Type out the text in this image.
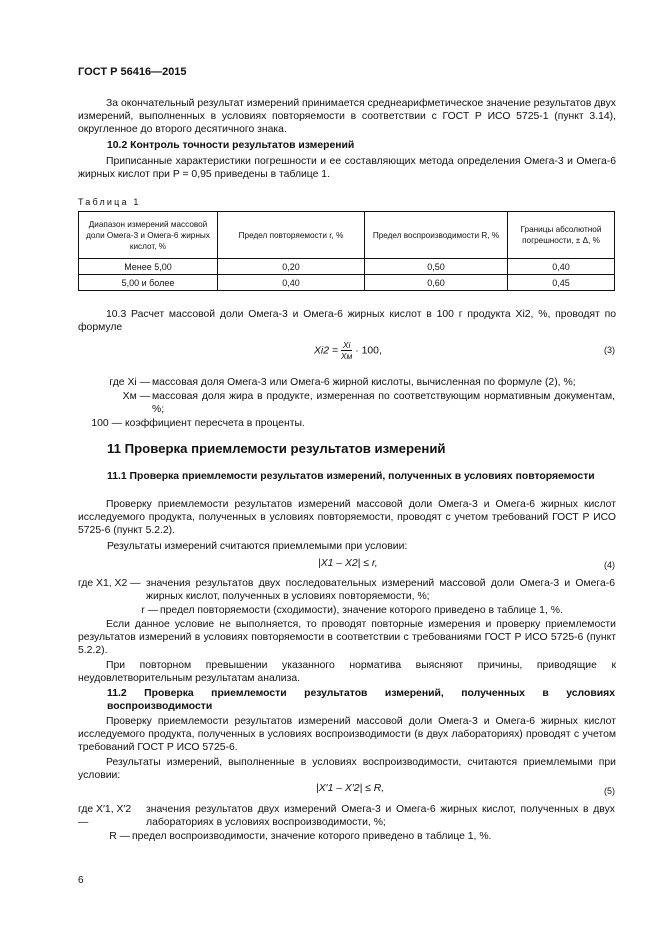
ГОСТ Р 56416—2015
За окончательный результат измерений принимается среднеарифметическое значение результатов двух измерений, выполненных в условиях повторяемости в соответствии с ГОСТ Р ИСО 5725-1 (пункт 3.14), округленное до второго десятичного знака.
10.2 Контроль точности результатов измерений
Приписанные характеристики погрешности и ее составляющих метода определения Омега-3 и Омега-6 жирных кислот при P = 0,95 приведены в таблице 1.
Таблица 1
Диапазон измерений массовой доли Омега-3 и Омега-6 жирных кислот, %	Предел повторяемости r, %	Предел воспроизводимости R, %	Границы абсолютной погрешности, ± Δ, %
Менее 5,00	0,20	0,50	0,40
5,00 и более	0,40	0,60	0,45
10.3 Расчет массовой доли Омега-3 и Омега-6 жирных кислот в 100 г продукта Xi2, %, проводят по формуле
$Xi2 = \frac{Xi}{Xм} \cdot 100$,	(3)
где Xi — массовая доля Омега-3 или Омега-6 жирной кислоты, вычисленная по формуле (2), %;
Xм — массовая доля жира в продукте, измеренная по соответствующим нормативным документам, %;
100 — коэффициент пересчета в проценты.
11 Проверка приемлемости результатов измерений
11.1 Проверка приемлемости результатов измерений, полученных в условиях повторяемости
Проверку приемлемости результатов измерений массовой доли Омега-3 и Омега-6 жирных кислот исследуемого продукта, полученных в условиях повторяемости, проводят с учетом требований ГОСТ Р ИСО 5725-6 (пункт 5.2.2).
Результаты измерений считаются приемлемыми при условии:
|X1 – X2| ≤ r,	(4)
где X1, X2 — значения результатов двух последовательных измерений массовой доли Омега-3 и Омега-6 жирных кислот, полученных в условиях повторяемости, %;
r — предел повторяемости (сходимости), значение которого приведено в таблице 1, %.
Если данное условие не выполняется, то проводят повторные измерения и проверку приемлемости результатов измерений в условиях повторяемости в соответствии с требованиями ГОСТ Р ИСО 5725-6 (пункт 5.2.2).
При повторном превышении указанного норматива выясняют причины, приводящие к неудовлетворительным результатам анализа.
11.2 Проверка приемлемости результатов измерений, полученных в условиях воспроизводимости
Проверку приемлемости результатов измерений массовой доли Омега-3 и Омега-6 жирных кислот исследуемого продукта, полученных в условиях воспроизводимости (в двух лабораториях) проводят с учетом требований ГОСТ Р ИСО 5725-6.
Результаты измерений, выполненные в условиях воспроизводимости, считаются приемлемыми при условии:
|X′1 – X′2| ≤ R,	(5)
где X′1, X′2 —
значения результатов двух измерений Омега-3 и Омега-6 жирных кислот, полученных в двух лабораториях в условиях воспроизводимости, %;
R — предел воспроизводимости, значение которого приведено в таблице 1, %.
6
